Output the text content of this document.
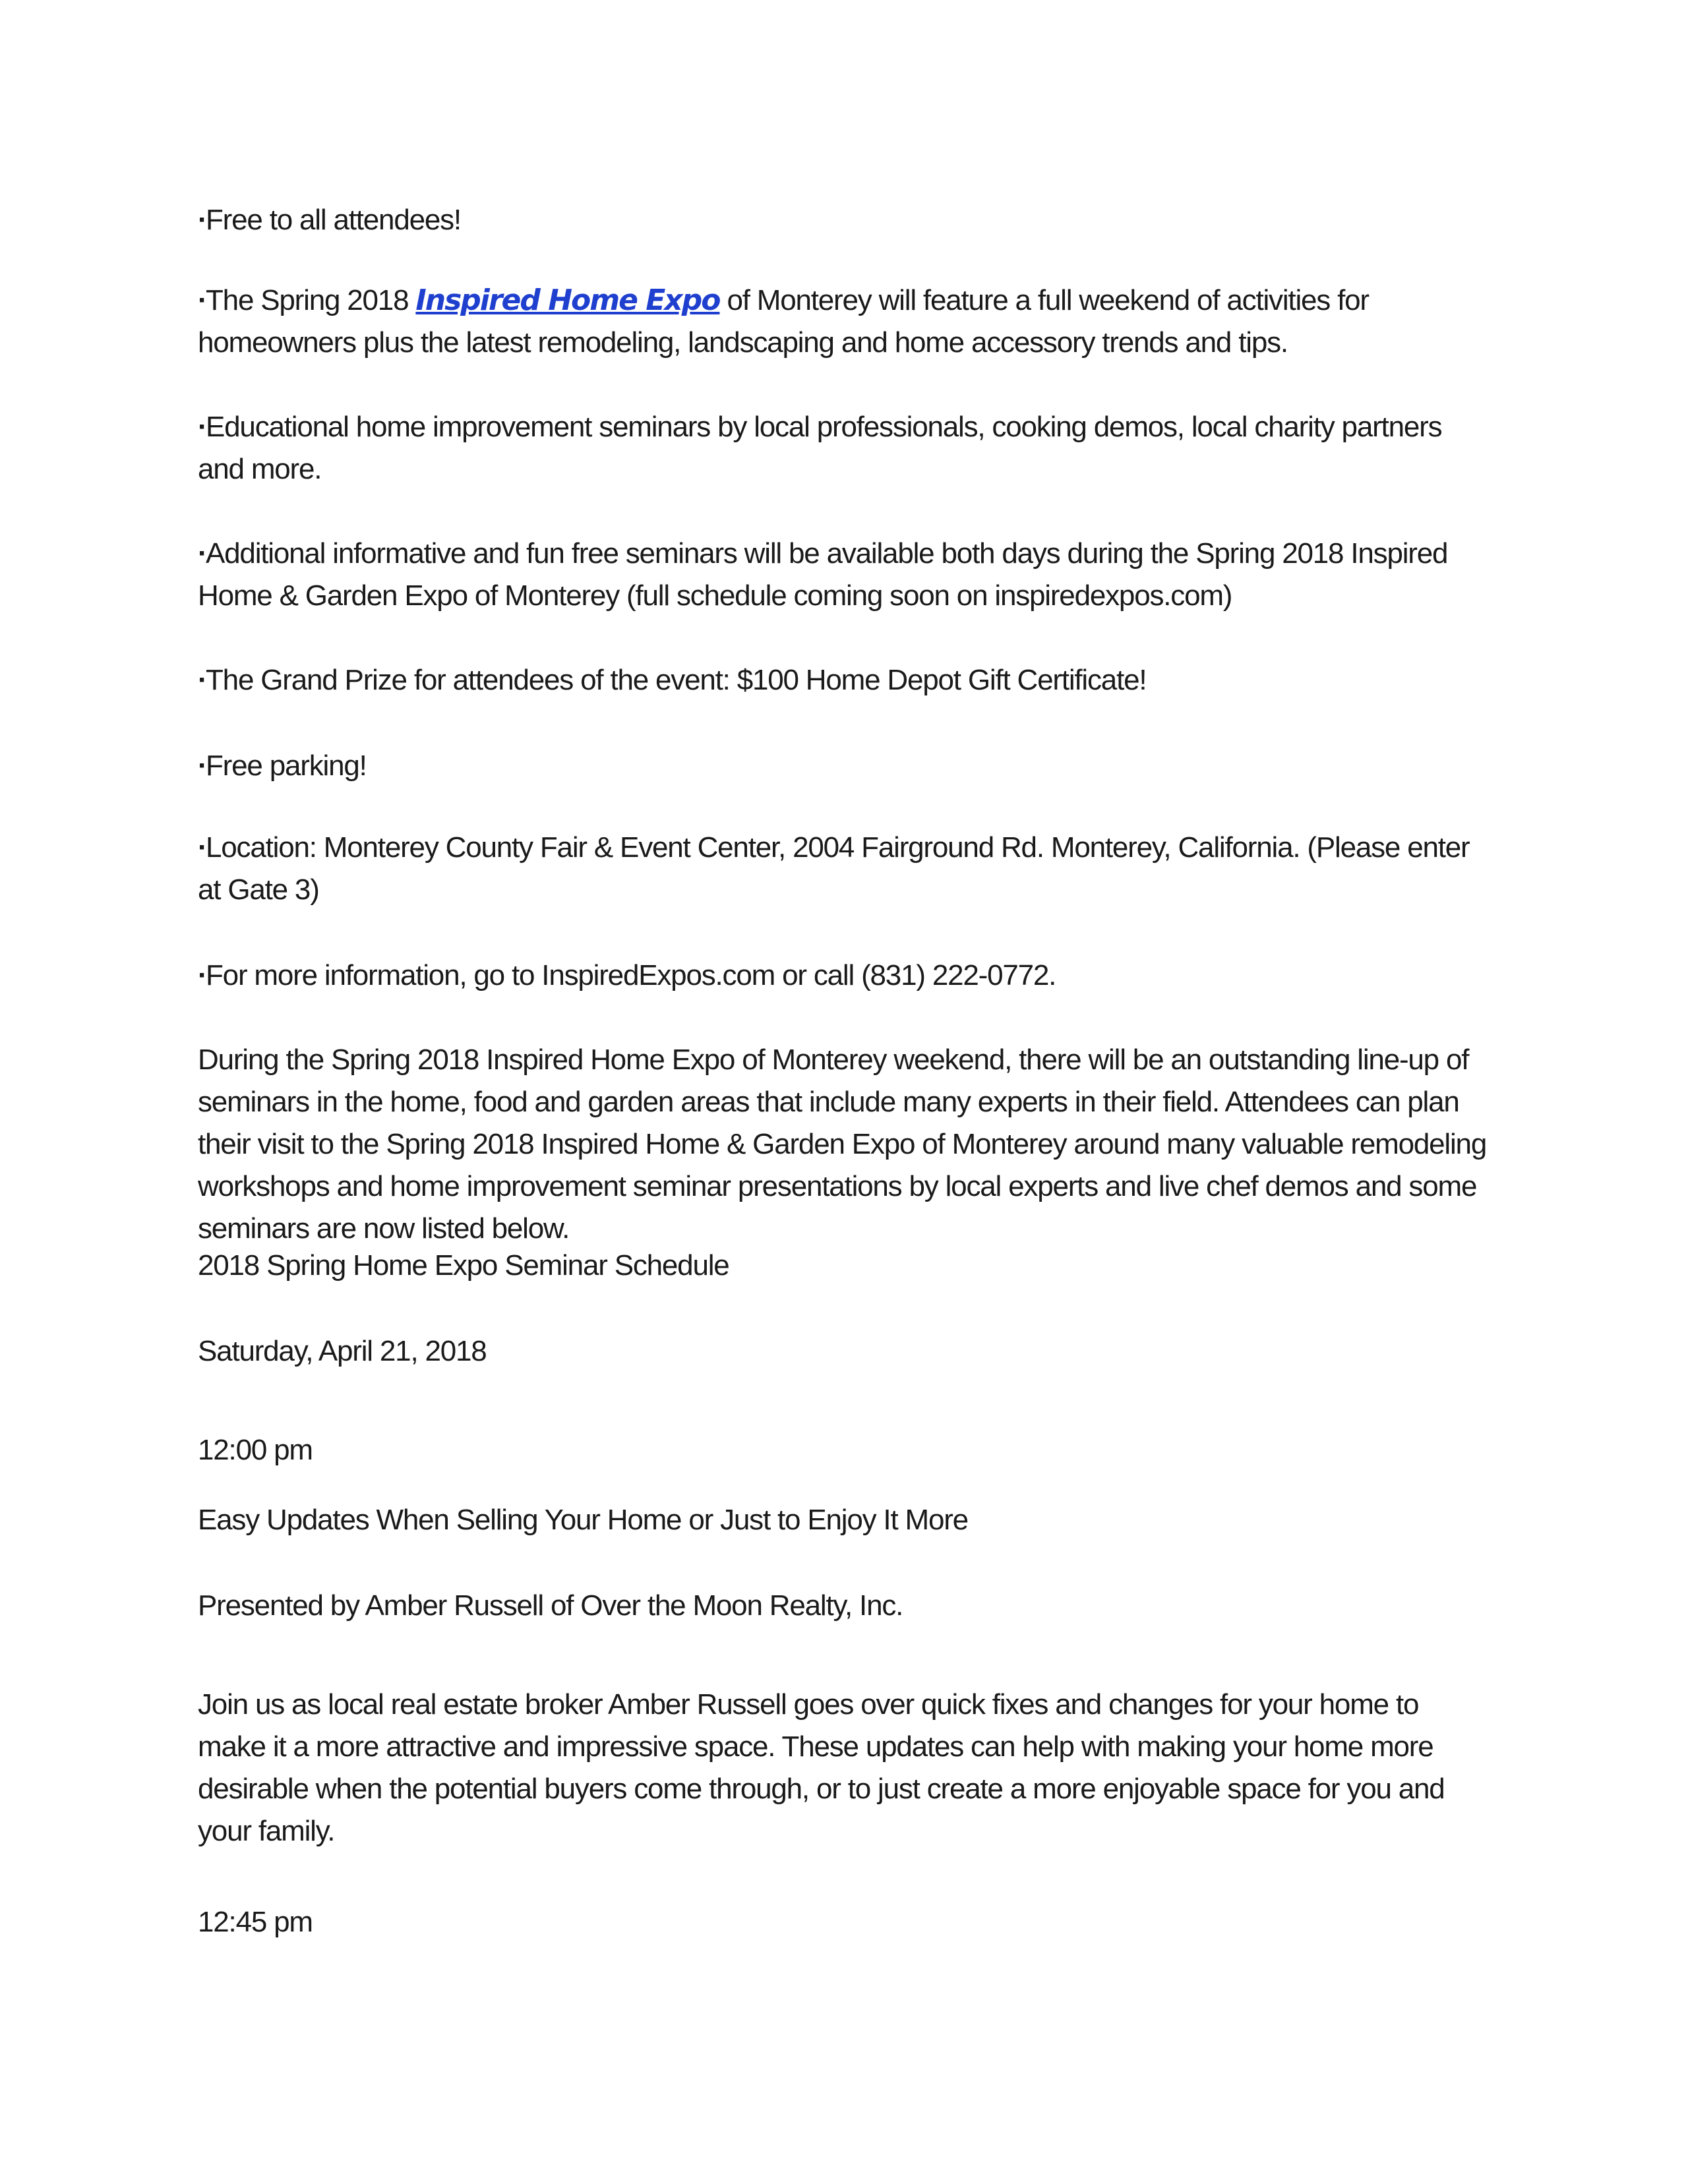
·Free to all attendees!

·The Spring 2018 Inspired Home Expo of Monterey will feature a full weekend of activities for homeowners plus the latest remodeling, landscaping and home accessory trends and tips.

·Educational home improvement seminars by local professionals, cooking demos, local charity partners and more.

·Additional informative and fun free seminars will be available both days during the Spring 2018 Inspired Home & Garden Expo of Monterey (full schedule coming soon on inspiredexpos.com)

·The Grand Prize for attendees of the event: $100 Home Depot Gift Certificate!

·Free parking!

·Location: Monterey County Fair & Event Center, 2004 Fairground Rd. Monterey, California. (Please enter at Gate 3)

·For more information, go to InspiredExpos.com or call (831) 222-0772.

During the Spring 2018 Inspired Home Expo of Monterey weekend, there will be an outstanding line-up of seminars in the home, food and garden areas that include many experts in their field. Attendees can plan their visit to the Spring 2018 Inspired Home & Garden Expo of Monterey around many valuable remodeling workshops and home improvement seminar presentations by local experts and live chef demos and some seminars are now listed below.

2018 Spring Home Expo Seminar Schedule

Saturday, April 21, 2018

12:00 pm

Easy Updates When Selling Your Home or Just to Enjoy It More

Presented by Amber Russell of Over the Moon Realty, Inc.

Join us as local real estate broker Amber Russell goes over quick fixes and changes for your home to make it a more attractive and impressive space. These updates can help with making your home more desirable when the potential buyers come through, or to just create a more enjoyable space for you and your family.

12:45 pm
